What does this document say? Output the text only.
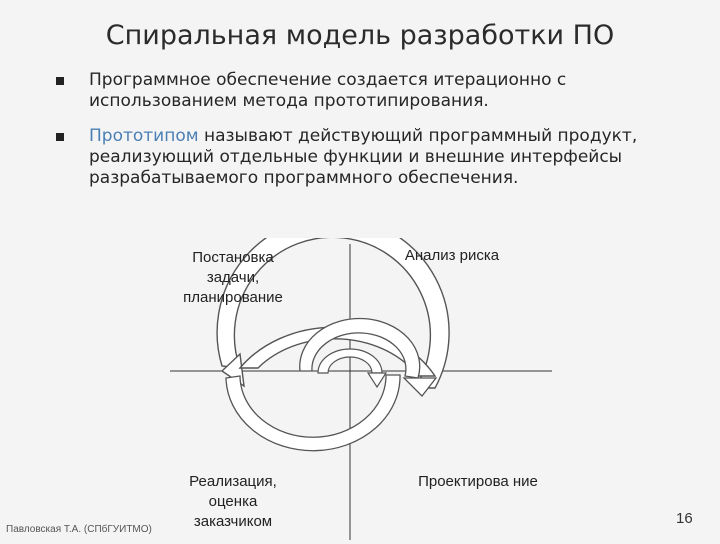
Спиральная модель разработки ПО
Программное обеспечение создается итерационно с использованием метода прототипирования.
Прототипом называют действующий программный продукт, реализующий отдельные функции и внешние интерфейсы разрабатываемого программного обеспечения.
Постановка задачи, планирование
Анализ риска
Реализация, оценка заказчиком
Проектирова ние
Павловская Т.А. (СПбГУИТМО)
16
